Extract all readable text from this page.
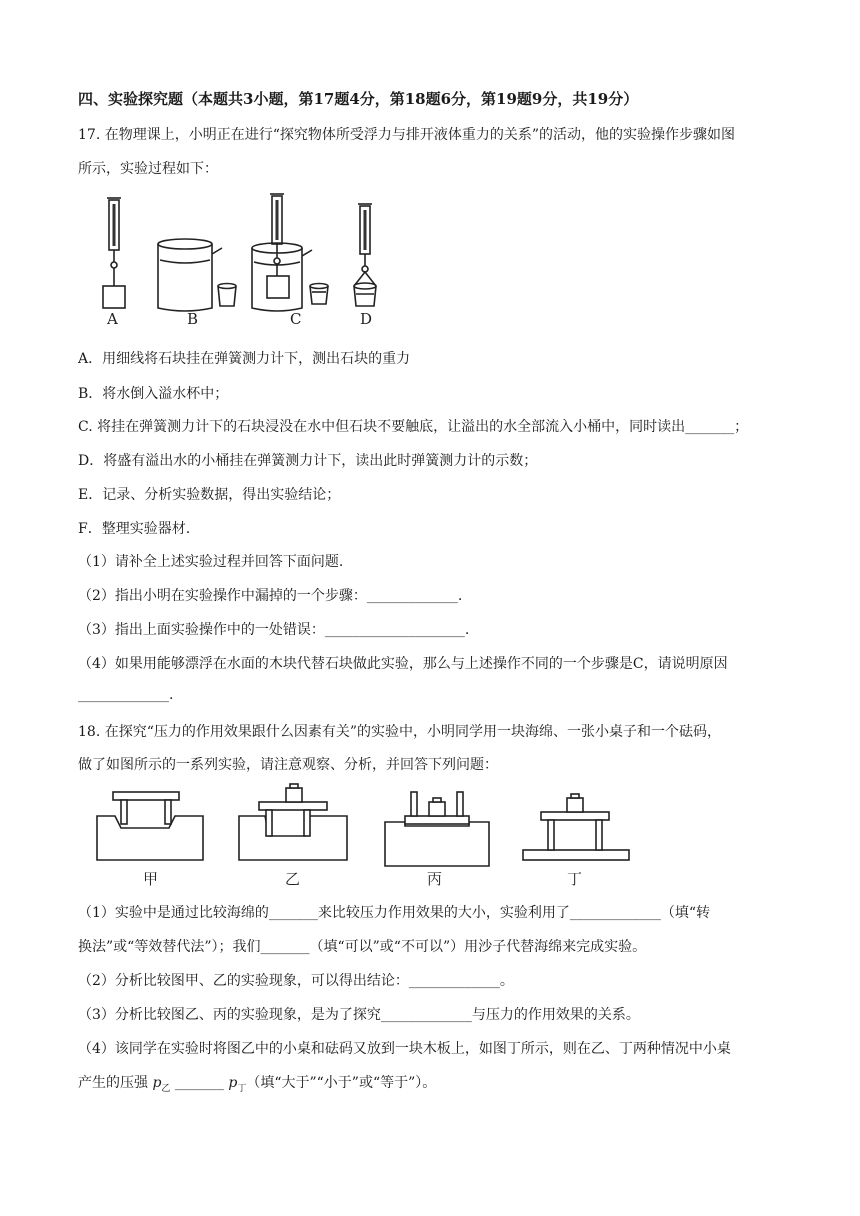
四、实验探究题（本题共3小题，第17题4分，第18题6分，第19题9分，共19分）
17. 在物理课上，小明正在进行“探究物体所受浮力与排开液体重力的关系”的活动，他的实验操作步骤如图
所示，实验过程如下：
A	B	C	D
A．用细线将石块挂在弹簧测力计下，测出石块的重力
B．将水倒入溢水杯中；
C. 将挂在弹簧测力计下的石块浸没在水中但石块不要触底，让溢出的水全部流入小桶中，同时读出_______；
D．将盛有溢出水的小桶挂在弹簧测力计下，读出此时弹簧测力计的示数；
E．记录、分析实验数据，得出实验结论；
F．整理实验器材.
（1）请补全上述实验过程并回答下面问题.
（2）指出小明在实验操作中漏掉的一个步骤：_____________.
（3）指出上面实验操作中的一处错误：____________________.
（4）如果用能够漂浮在水面的木块代替石块做此实验，那么与上述操作不同的一个步骤是C，请说明原因
_____________.
18. 在探究“压力的作用效果跟什么因素有关”的实验中，小明同学用一块海绵、一张小桌子和一个砝码，
做了如图所示的一系列实验，请注意观察、分析，并回答下列问题：
甲	乙	丙	丁
（1）实验中是通过比较海绵的_______来比较压力作用效果的大小，实验利用了_____________（填“转
换法”或“等效替代法”）；我们_______（填“可以”或“不可以”）用沙子代替海绵来完成实验。
（2）分析比较图甲、乙的实验现象，可以得出结论：_____________。
（3）分析比较图乙、丙的实验现象，是为了探究_____________与压力的作用效果的关系。
（4）该同学在实验时将图乙中的小桌和砝码又放到一块木板上，如图丁所示，则在乙、丁两种情况中小桌
产生的压强 $p_乙$ _______ $p_丁$（填“大于”“小于”或“等于”）。
